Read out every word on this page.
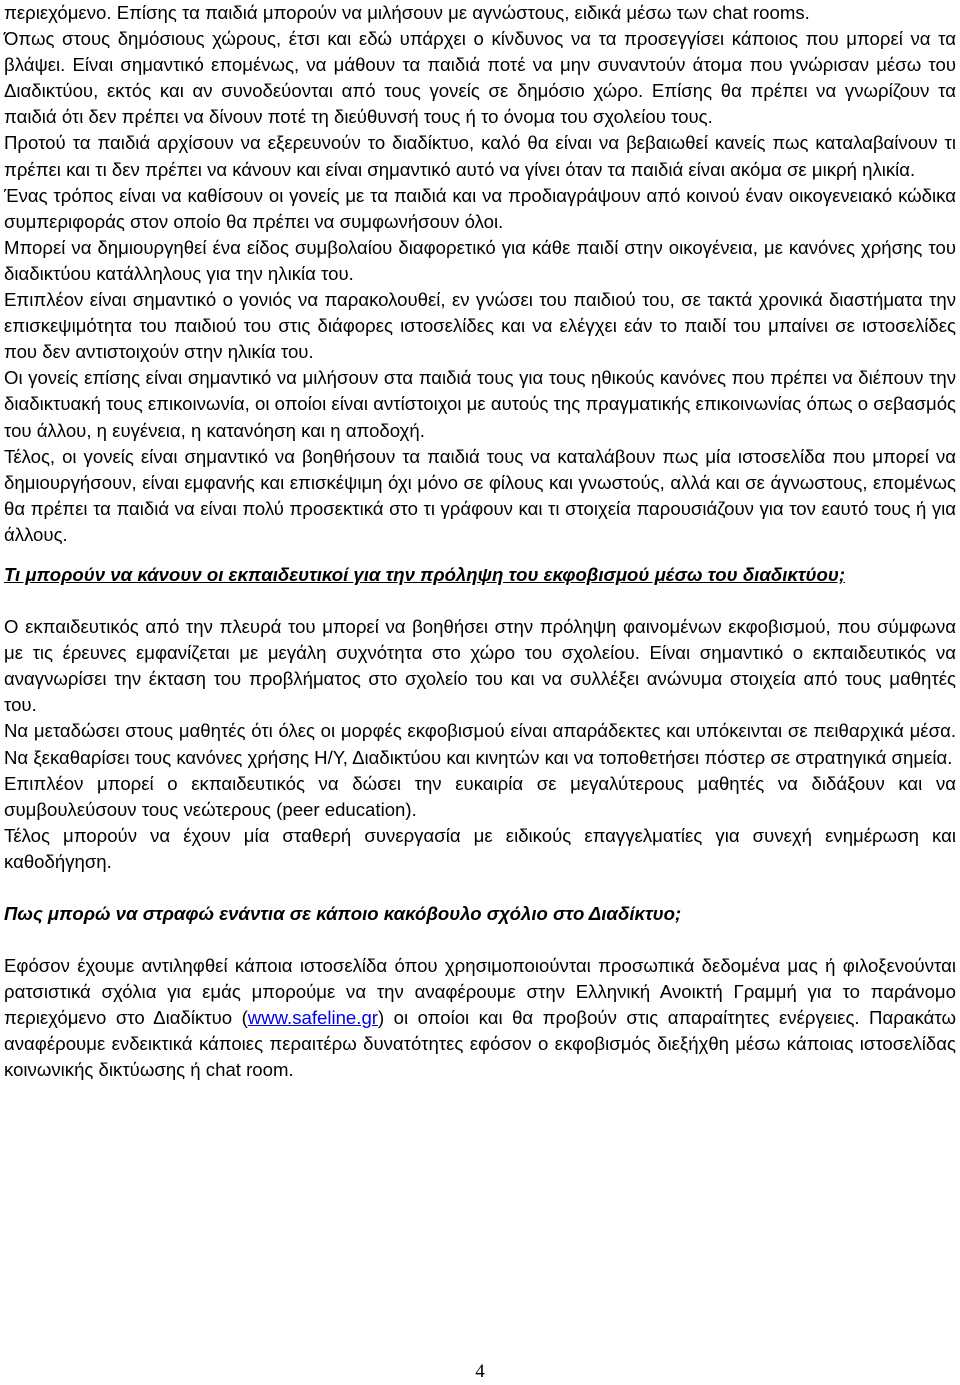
περιεχόμενο. Επίσης τα παιδιά μπορούν να μιλήσουν με αγνώστους, ειδικά μέσω των chat rooms.

Όπως στους δημόσιους χώρους, έτσι και εδώ υπάρχει ο κίνδυνος να τα προσεγγίσει κάποιος που μπορεί να τα βλάψει. Είναι σημαντικό επομένως, να μάθουν τα παιδιά ποτέ να μην συναντούν άτομα που γνώρισαν μέσω του Διαδικτύου, εκτός και αν συνοδεύονται από τους γονείς σε δημόσιο χώρο. Επίσης θα πρέπει να γνωρίζουν τα παιδιά ότι δεν πρέπει να δίνουν ποτέ τη διεύθυνσή τους ή το όνομα του σχολείου τους.

Προτού τα παιδιά αρχίσουν να εξερευνούν το διαδίκτυο, καλό θα είναι να βεβαιωθεί κανείς πως καταλαβαίνουν τι πρέπει και τι δεν πρέπει να κάνουν και είναι σημαντικό αυτό να γίνει όταν τα παιδιά είναι ακόμα σε μικρή ηλικία.

Ένας τρόπος είναι να καθίσουν οι γονείς με τα παιδιά και να προδιαγράψουν από κοινού έναν οικογενειακό κώδικα συμπεριφοράς στον οποίο θα πρέπει να συμφωνήσουν όλοι.

Μπορεί να δημιουργηθεί ένα είδος συμβολαίου διαφορετικό για κάθε παιδί στην οικογένεια, με κανόνες χρήσης του διαδικτύου κατάλληλους για την ηλικία του.

Επιπλέον είναι σημαντικό ο γονιός να παρακολουθεί, εν γνώσει του παιδιού του, σε τακτά χρονικά διαστήματα την επισκεψιμότητα του παιδιού του στις διάφορες ιστοσελίδες και να ελέγχει εάν το παιδί του μπαίνει σε ιστοσελίδες που δεν αντιστοιχούν στην ηλικία του.

Οι γονείς επίσης είναι σημαντικό να μιλήσουν στα παιδιά τους για τους ηθικούς κανόνες που πρέπει να διέπουν την διαδικτυακή τους επικοινωνία, οι οποίοι είναι αντίστοιχοι με αυτούς της πραγματικής επικοινωνίας όπως ο σεβασμός του άλλου, η ευγένεια, η κατανόηση και η αποδοχή.

Τέλος, οι γονείς είναι σημαντικό να βοηθήσουν τα παιδιά τους να καταλάβουν πως μία ιστοσελίδα που μπορεί να δημιουργήσουν, είναι εμφανής και επισκέψιμη όχι μόνο σε φίλους και γνωστούς, αλλά και σε άγνωστους, επομένως θα πρέπει τα παιδιά να είναι πολύ προσεκτικά στο τι γράφουν και τι στοιχεία παρουσιάζουν για τον εαυτό τους ή για άλλους.

Τι μπορούν να κάνουν οι εκπαιδευτικοί για την πρόληψη του εκφοβισμού μέσω του διαδικτύου;

Ο εκπαιδευτικός από την πλευρά του μπορεί να βοηθήσει στην πρόληψη φαινομένων εκφοβισμού, που σύμφωνα με τις έρευνες εμφανίζεται με μεγάλη συχνότητα στο χώρο του σχολείου. Είναι σημαντικό ο εκπαιδευτικός να αναγνωρίσει την έκταση του προβλήματος στο σχολείο του και να συλλέξει ανώνυμα στοιχεία από τους μαθητές του.

Να μεταδώσει στους μαθητές ότι όλες οι μορφές εκφοβισμού είναι απαράδεκτες και υπόκεινται σε πειθαρχικά μέσα. Να ξεκαθαρίσει τους κανόνες χρήσης Η/Υ, Διαδικτύου και κινητών και να τοποθετήσει πόστερ σε στρατηγικά σημεία.

Επιπλέον μπορεί ο εκπαιδευτικός να δώσει την ευκαιρία σε μεγαλύτερους μαθητές να διδάξουν και να συμβουλεύσουν τους νεώτερους (peer education).

Τέλος μπορούν να έχουν μία σταθερή συνεργασία με ειδικούς επαγγελματίες για συνεχή ενημέρωση και καθοδήγηση.

Πως μπορώ να στραφώ ενάντια σε κάποιο κακόβουλο σχόλιο στο Διαδίκτυο;

Εφόσον έχουμε αντιληφθεί κάποια ιστοσελίδα όπου χρησιμοποιούνται προσωπικά δεδομένα μας ή φιλοξενούνται ρατσιστικά σχόλια για εμάς μπορούμε να την αναφέρουμε στην Ελληνική Ανοικτή Γραμμή για το παράνομο περιεχόμενο στο Διαδίκτυο (www.safeline.gr) οι οποίοι και θα προβούν στις απαραίτητες ενέργειες. Παρακάτω αναφέρουμε ενδεικτικά κάποιες περαιτέρω δυνατότητες εφόσον ο εκφοβισμός διεξήχθη μέσω κάποιας ιστοσελίδας κοινωνικής δικτύωσης ή chat room.

4
